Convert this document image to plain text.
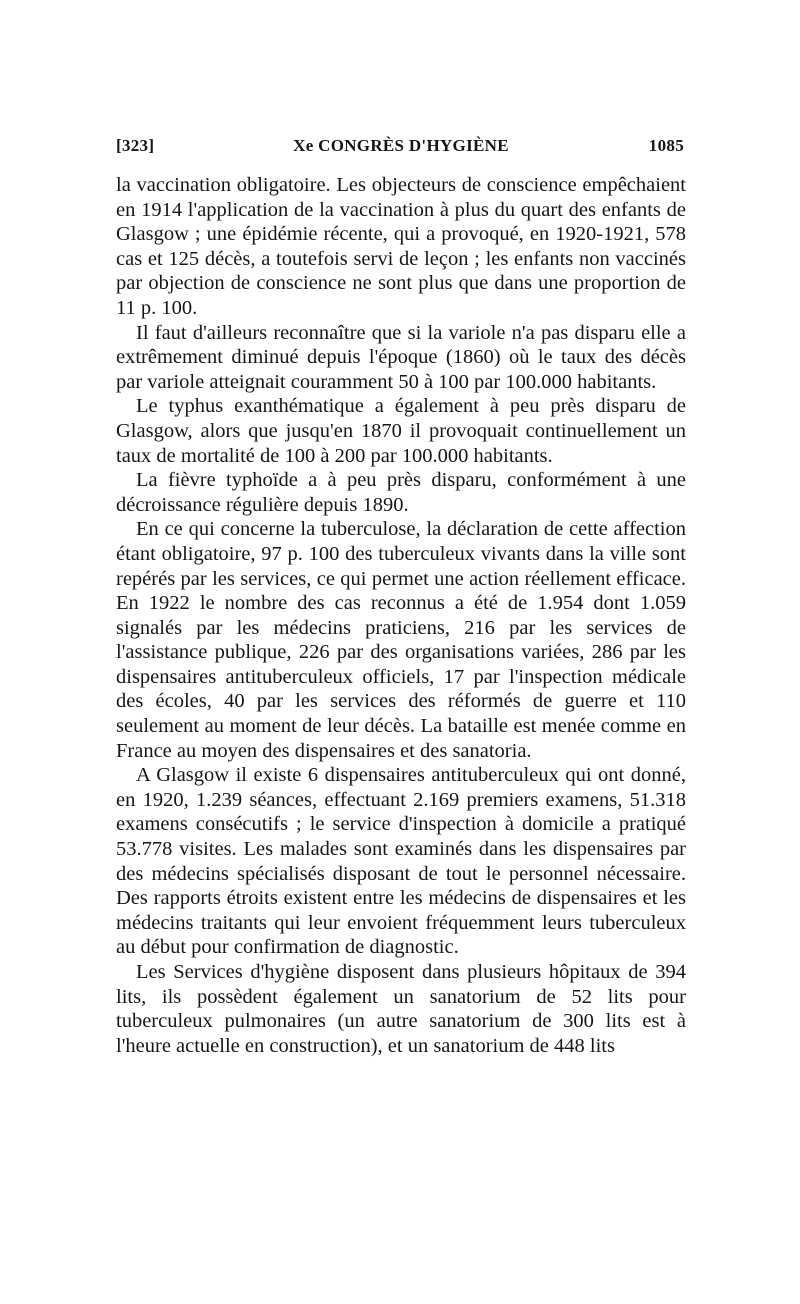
[323]	Xe CONGRÈS D'HYGIÈNE	1085

la vaccination obligatoire. Les objecteurs de conscience empêchaient en 1914 l'application de la vaccination à plus du quart des enfants de Glasgow ; une épidémie récente, qui a provoqué, en 1920-1921, 578 cas et 125 décès, a toutefois servi de leçon ; les enfants non vaccinés par objection de conscience ne sont plus que dans une proportion de 11 p. 100.

Il faut d'ailleurs reconnaître que si la variole n'a pas disparu elle a extrêmement diminué depuis l'époque (1860) où le taux des décès par variole atteignait couramment 50 à 100 par 100.000 habitants.

Le typhus exanthématique a également à peu près disparu de Glasgow, alors que jusqu'en 1870 il provoquait continuellement un taux de mortalité de 100 à 200 par 100.000 habitants.

La fièvre typhoïde a à peu près disparu, conformément à une décroissance régulière depuis 1890.

En ce qui concerne la tuberculose, la déclaration de cette affection étant obligatoire, 97 p. 100 des tuberculeux vivants dans la ville sont repérés par les services, ce qui permet une action réellement efficace. En 1922 le nombre des cas reconnus a été de 1.954 dont 1.059 signalés par les médecins praticiens, 216 par les services de l'assistance publique, 226 par des organisations variées, 286 par les dispensaires antituberculeux officiels, 17 par l'inspection médicale des écoles, 40 par les services des réformés de guerre et 110 seulement au moment de leur décès. La bataille est menée comme en France au moyen des dispensaires et des sanatoria.

A Glasgow il existe 6 dispensaires antituberculeux qui ont donné, en 1920, 1.239 séances, effectuant 2.169 premiers examens, 51.318 examens consécutifs ; le service d'inspection à domicile a pratiqué 53.778 visites. Les malades sont examinés dans les dispensaires par des médecins spécialisés disposant de tout le personnel nécessaire. Des rapports étroits existent entre les médecins de dispensaires et les médecins traitants qui leur envoient fréquemment leurs tuberculeux au début pour confirmation de diagnostic.

Les Services d'hygiène disposent dans plusieurs hôpitaux de 394 lits, ils possèdent également un sanatorium de 52 lits pour tuberculeux pulmonaires (un autre sanatorium de 300 lits est à l'heure actuelle en construction), et un sanatorium de 448 lits
